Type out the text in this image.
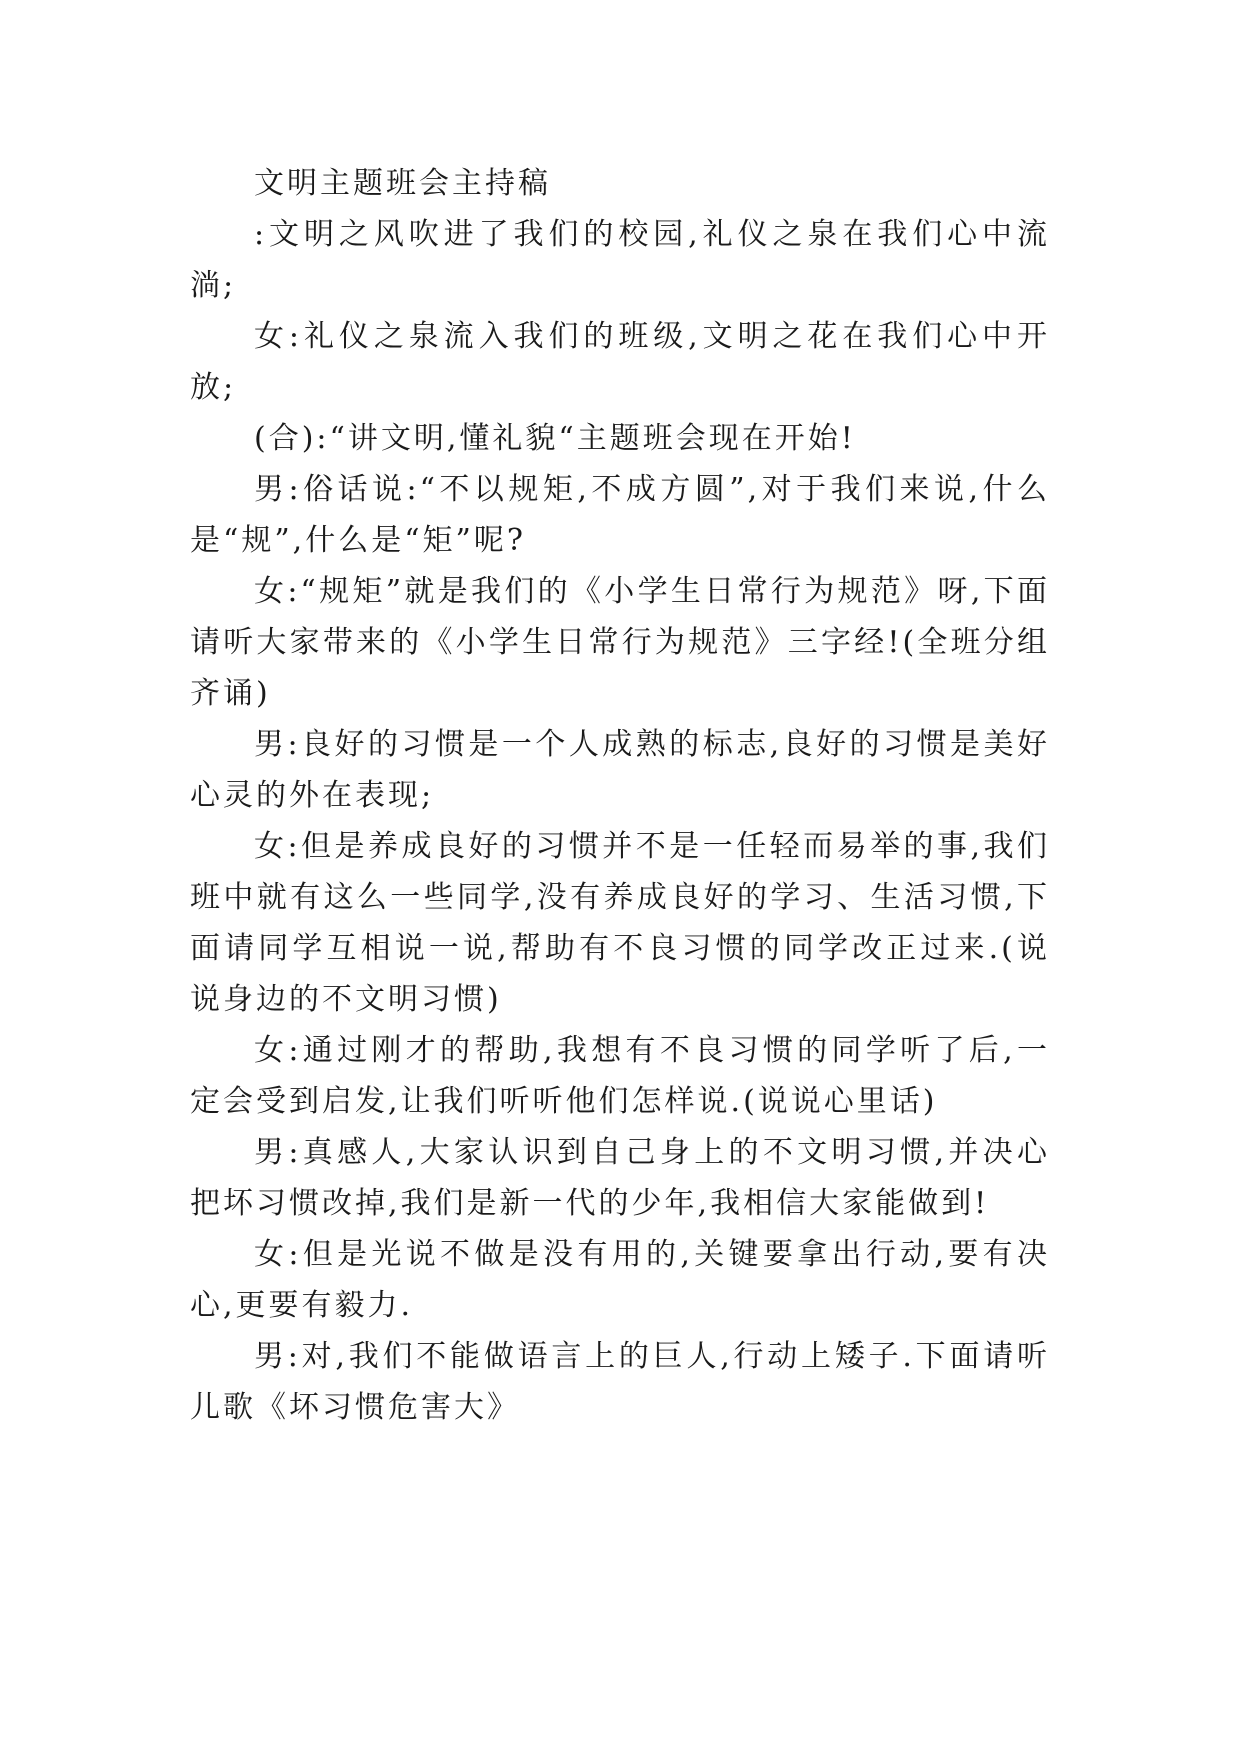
文明主题班会主持稿

:文明之风吹进了我们的校园,礼仪之泉在我们心中流淌;

女:礼仪之泉流入我们的班级,文明之花在我们心中开放;

(合):“讲文明,懂礼貌“主题班会现在开始!

男:俗话说:“不以规矩,不成方圆”,对于我们来说,什么是“规”,什么是“矩”呢?

女:“规矩”就是我们的《小学生日常行为规范》呀,下面请听大家带来的《小学生日常行为规范》三字经!(全班分组齐诵)

男:良好的习惯是一个人成熟的标志,良好的习惯是美好心灵的外在表现;

女:但是养成良好的习惯并不是一任轻而易举的事,我们班中就有这么一些同学,没有养成良好的学习、生活习惯,下面请同学互相说一说,帮助有不良习惯的同学改正过来.(说说身边的不文明习惯)

女:通过刚才的帮助,我想有不良习惯的同学听了后,一定会受到启发,让我们听听他们怎样说.(说说心里话)

男:真感人,大家认识到自己身上的不文明习惯,并决心把坏习惯改掉,我们是新一代的少年,我相信大家能做到!

女:但是光说不做是没有用的,关键要拿出行动,要有决心,更要有毅力.

男:对,我们不能做语言上的巨人,行动上矮子.下面请听儿歌《坏习惯危害大》
